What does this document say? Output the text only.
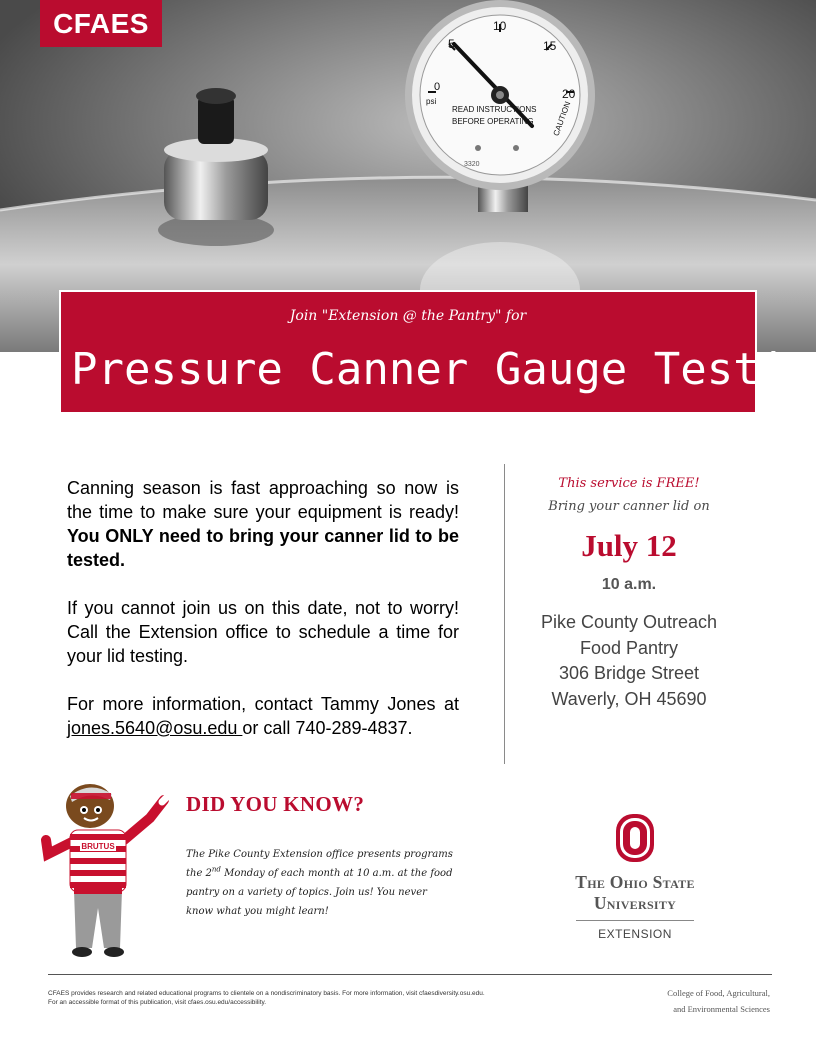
0
5
10
15
20
psi
READ INSTRUCTIONS
BEFORE OPERATING CAUTION
3320
CFAES
Join "Extension @ the Pantry" for
Pressure Canner Gauge Testing

Canning season is fast approaching so now is the time to make sure your equipment is ready! You ONLY need to bring your canner lid to be tested.

If you cannot join us on this date, not to worry! Call the Extension office to schedule a time for your lid testing.

For more information, contact Tammy Jones at jones.5640@osu.edu or call 740-289-4837.

This service is FREE!
Bring your canner lid on
July 12
10 a.m.
Pike County Outreach
Food Pantry
306 Bridge Street
Waverly, OH 45690
BRUTUS
DID YOU KNOW?
The Pike County Extension office presents programs the 2nd Monday of each month at 10 a.m. at the food pantry on a variety of topics. Join us! You never know what you might learn!
The Ohio State
University
EXTENSION
CFAES provides research and related educational programs to clientele on a nondiscriminatory basis. For more information, visit cfaesdiversity.osu.edu. For an accessible format of this publication, visit cfaes.osu.edu/accessibility.
College of Food, Agricultural,
and Environmental Sciences
